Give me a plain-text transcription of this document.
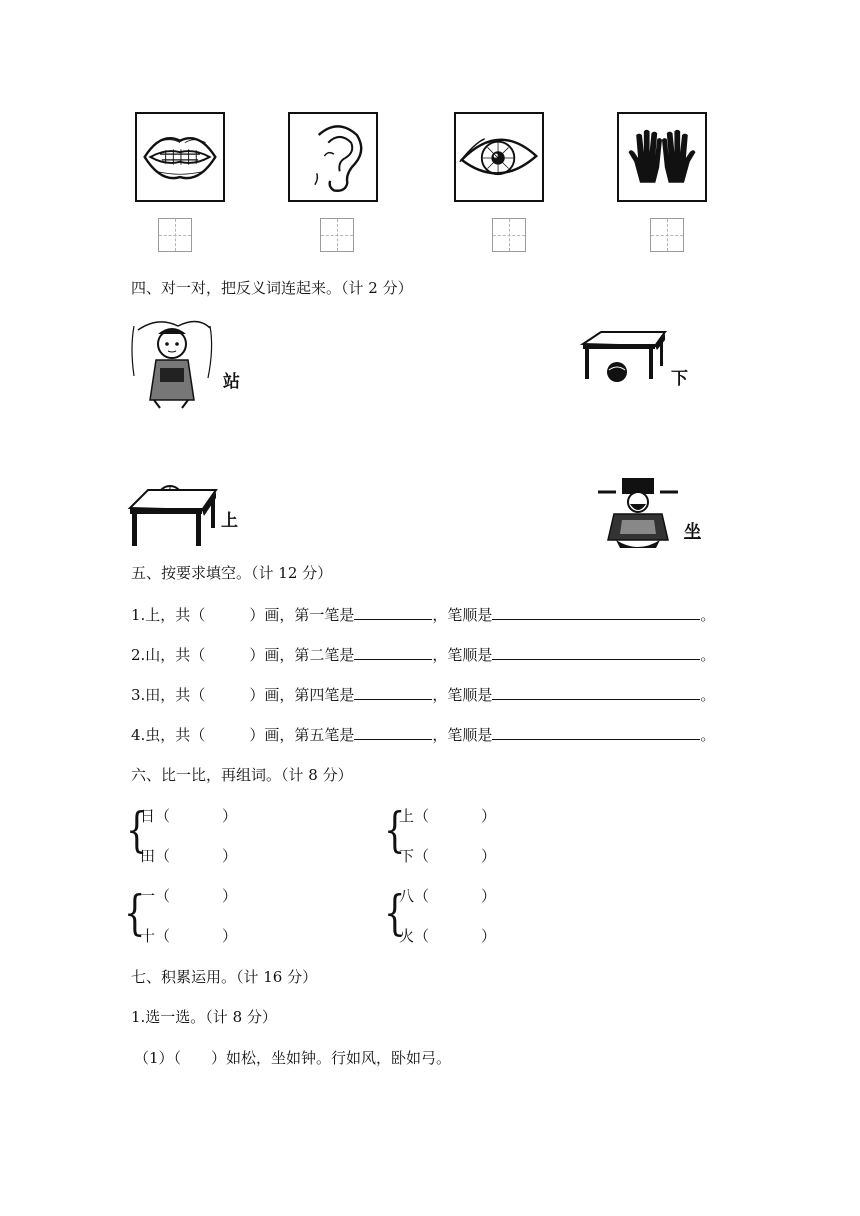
四、对一对，把反义词连起来。（计 2 分）
站	下
上
坐
五、按要求填空。（计 12 分）
1.上，共（	）画，第一笔是	，笔顺是	。
2.山，共（	）画，第二笔是	，笔顺是	。
3.田，共（	）画，第四笔是	，笔顺是	。
4.虫，共（	）画，第五笔是	，笔顺是	。
六、比一比，再组词。（计 8 分）
{
日（	）
田（	）	{
上（	）
下（	）
{
一（	）
十（	）	{
八（	）
火（	）
七、积累运用。（计 16 分）
1.选一选。（计 8 分）
（1）（　　）如松，坐如钟。行如风，卧如弓。
